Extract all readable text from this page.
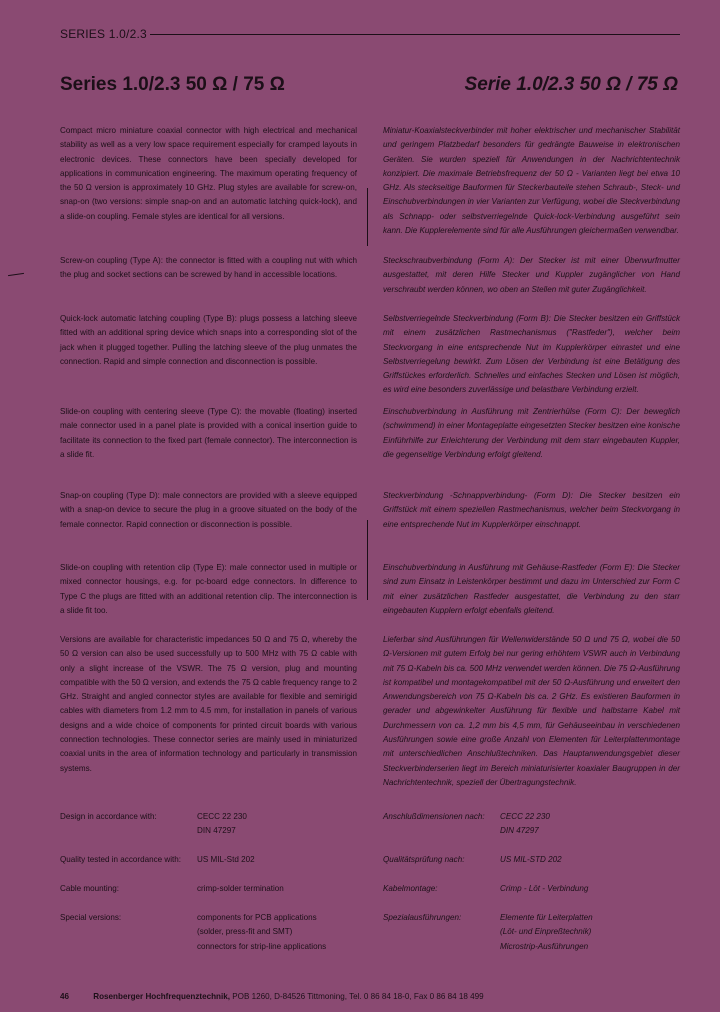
SERIES 1.0/2.3
Series 1.0/2.3 50 Ω / 75 Ω	Serie 1.0/2.3 50 Ω / 75 Ω

Compact micro miniature coaxial connector with high electrical and mechanical stability as well as a very low space requirement especially for cramped layouts in electronic devices. These connectors have been specially developed for applications in communication engineering. The maximum operating frequency of the 50 Ω version is approximately 10 GHz. Plug styles are available for screw-on, snap-on (two versions: simple snap-on and an automatic latching quick-lock), and a slide-on coupling. Female styles are identical for all versions.

Screw-on coupling (Type A): the connector is fitted with a coupling nut with which the plug and socket sections can be screwed by hand in accessible locations.

Quick-lock automatic latching coupling (Type B): plugs possess a latching sleeve fitted with an additional spring device which snaps into a corresponding slot of the jack when it plugged together. Pulling the latching sleeve of the plug unmates the connection. Rapid and simple connection and disconnection is possible.

Slide-on coupling with centering sleeve (Type C): the movable (floating) inserted male connector used in a panel plate is provided with a conical insertion guide to facilitate its connection to the fixed part (female connector). The interconnection is a slide fit.

Snap-on coupling (Type D): male connectors are provided with a sleeve equipped with a snap-on device to secure the plug in a groove situated on the body of the female connector. Rapid connection or disconnection is possible.

Slide-on coupling with retention clip (Type E): male connector used in multiple or mixed connector housings, e.g. for pc-board edge connectors. In difference to Type C the plugs are fitted with an additional retention clip. The interconnection is a slide fit too.

Versions are available for characteristic impedances 50 Ω and 75 Ω, whereby the 50 Ω version can also be used successfully up to 500 MHz with 75 Ω cable with only a slight increase of the VSWR. The 75 Ω version, plug and mounting compatible with the 50 Ω version, and extends the 75 Ω cable frequency range to 2 GHz. Straight and angled connector styles are available for flexible and semirigid cables with diameters from 1.2 mm to 4.5 mm, for installation in panels of various designs and a wide choice of components for printed circuit boards with various connection technologies. These connector series are mainly used in miniaturized coaxial units in the area of information technology and particularly in transmission systems.

Miniatur-Koaxialsteckverbinder mit hoher elektrischer und mechanischer Stabilität und geringem Platzbedarf besonders für gedrängte Bauweise in elektronischen Geräten. Sie wurden speziell für Anwendungen in der Nachrichtentechnik konzipiert. Die maximale Betriebsfrequenz der 50 Ω - Varianten liegt bei etwa 10 GHz. Als steckseitige Bauformen für Steckerbauteile stehen Schraub-, Steck- und Einschubverbindungen in vier Varianten zur Verfügung, wobei die Steckverbindung als Schnapp- oder selbstverriegelnde Quick-lock-Verbindung ausgeführt sein kann. Die Kupplerelemente sind für alle Ausführungen gleichermaßen verwendbar.

Steckschraubverbindung (Form A): Der Stecker ist mit einer Überwurfmutter ausgestattet, mit deren Hilfe Stecker und Kuppler zugänglicher von Hand verschraubt werden können, wo oben an Stellen mit guter Zugänglichkeit.

Selbstverriegelnde Steckverbindung (Form B): Die Stecker besitzen ein Griffstück mit einem zusätzlichen Rastmechanismus ("Rastfeder"), welcher beim Steckvorgang in eine entsprechende Nut im Kupplerkörper einrastet und eine Selbstverriegelung bewirkt. Zum Lösen der Verbindung ist eine Betätigung des Griffstückes erforderlich. Schnelles und einfaches Stecken und Lösen ist möglich, es wird eine besonders zuverlässige und belastbare Verbindung erzielt.

Einschubverbindung in Ausführung mit Zentrierhülse (Form C): Der beweglich (schwimmend) in einer Montageplatte eingesetzten Stecker besitzen eine konische Einführhilfe zur Erleichterung der Verbindung mit dem starr eingebauten Kuppler, die gegenseitige Verbindung erfolgt gleitend.

Steckverbindung -Schnappverbindung- (Form D): Die Stecker besitzen ein Griffstück mit einem speziellen Rastmechanismus, welcher beim Steckvorgang in eine entsprechende Nut im Kupplerkörper einschnappt.

Einschubverbindung in Ausführung mit Gehäuse-Rastfeder (Form E): Die Stecker sind zum Einsatz in Leistenkörper bestimmt und dazu im Unterschied zur Form C mit einer zusätzlichen Rastfeder ausgestattet, die Verbindung zu den starr eingebauten Kupplern erfolgt ebenfalls gleitend.

Lieferbar sind Ausführungen für Wellenwiderstände 50 Ω und 75 Ω, wobei die 50 Ω-Versionen mit gutem Erfolg bei nur gering erhöhtem VSWR auch in Verbindung mit 75 Ω-Kabeln bis ca. 500 MHz verwendet werden können. Die 75 Ω-Ausführung ist kompatibel und montagekompatibel mit der 50 Ω-Ausführung und erweitert den Anwendungsbereich von 75 Ω-Kabeln bis ca. 2 GHz. Es existieren Bauformen in gerader und abgewinkelter Ausführung für flexible und halbstarre Kabel mit Durchmessern von ca. 1,2 mm bis 4,5 mm, für Gehäuseeinbau in verschiedenen Ausführungen sowie eine große Anzahl von Elementen für Leiterplattenmontage mit unterschiedlichen Anschlußtechniken. Das Hauptanwendungsgebiet dieser Steckverbinderserien liegt im Bereich miniaturisierter koaxialer Baugruppen in der Nachrichtentechnik, speziell der Übertragungstechnik.

Design in accordance with:	CECC 22 230
DIN 47297
Quality tested in accordance with: US MIL-Std 202
Cable mounting:	crimp-solder termination
Special versions:	components for PCB applications
(solder, press-fit and SMT)
connectors for strip-line applications
Anschlußdimensionen nach: CECC 22 230
DIN 47297
Qualitätsprüfung nach:	US MIL-STD 202
Kabelmontage:	Crimp - Löt - Verbindung
Spezialausführungen:	Elemente für Leiterplatten
(Löt- und Einpreßtechnik)
Microstrip-Ausführungen
46	Rosenberger Hochfrequenztechnik, POB 1260, D-84526 Tittmoning, Tel. 0 86 84 18-0, Fax 0 86 84 18 499
